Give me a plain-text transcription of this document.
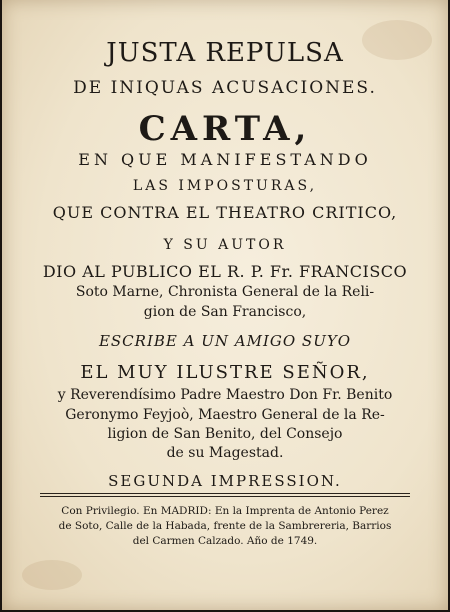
JUSTA REPULSA
DE INIQUAS ACUSACIONES.
CARTA,
EN QUE MANIFESTANDO
LAS IMPOSTURAS,
QUE CONTRA EL THEATRO CRITICO,
Y SU AUTOR
DIO AL PUBLICO EL R. P. Fr. FRANCISCO
Soto Marne, Chronista General de la Reli-
gion de San Francisco,
ESCRIBE A UN AMIGO SUYO
EL MUY ILUSTRE SEÑOR,
y Reverendísimo Padre Maestro Don Fr. Benito
Geronymo Feyjoò, Maestro General de la Re-
ligion de San Benito, del Consejo
de su Magestad.
SEGUNDA IMPRESSION.
Con Privilegio. En MADRID: En la Imprenta de Antonio Perez
de Soto, Calle de la Habada, frente de la Sambrereria, Barrios
del Carmen Calzado. Año de 1749.
